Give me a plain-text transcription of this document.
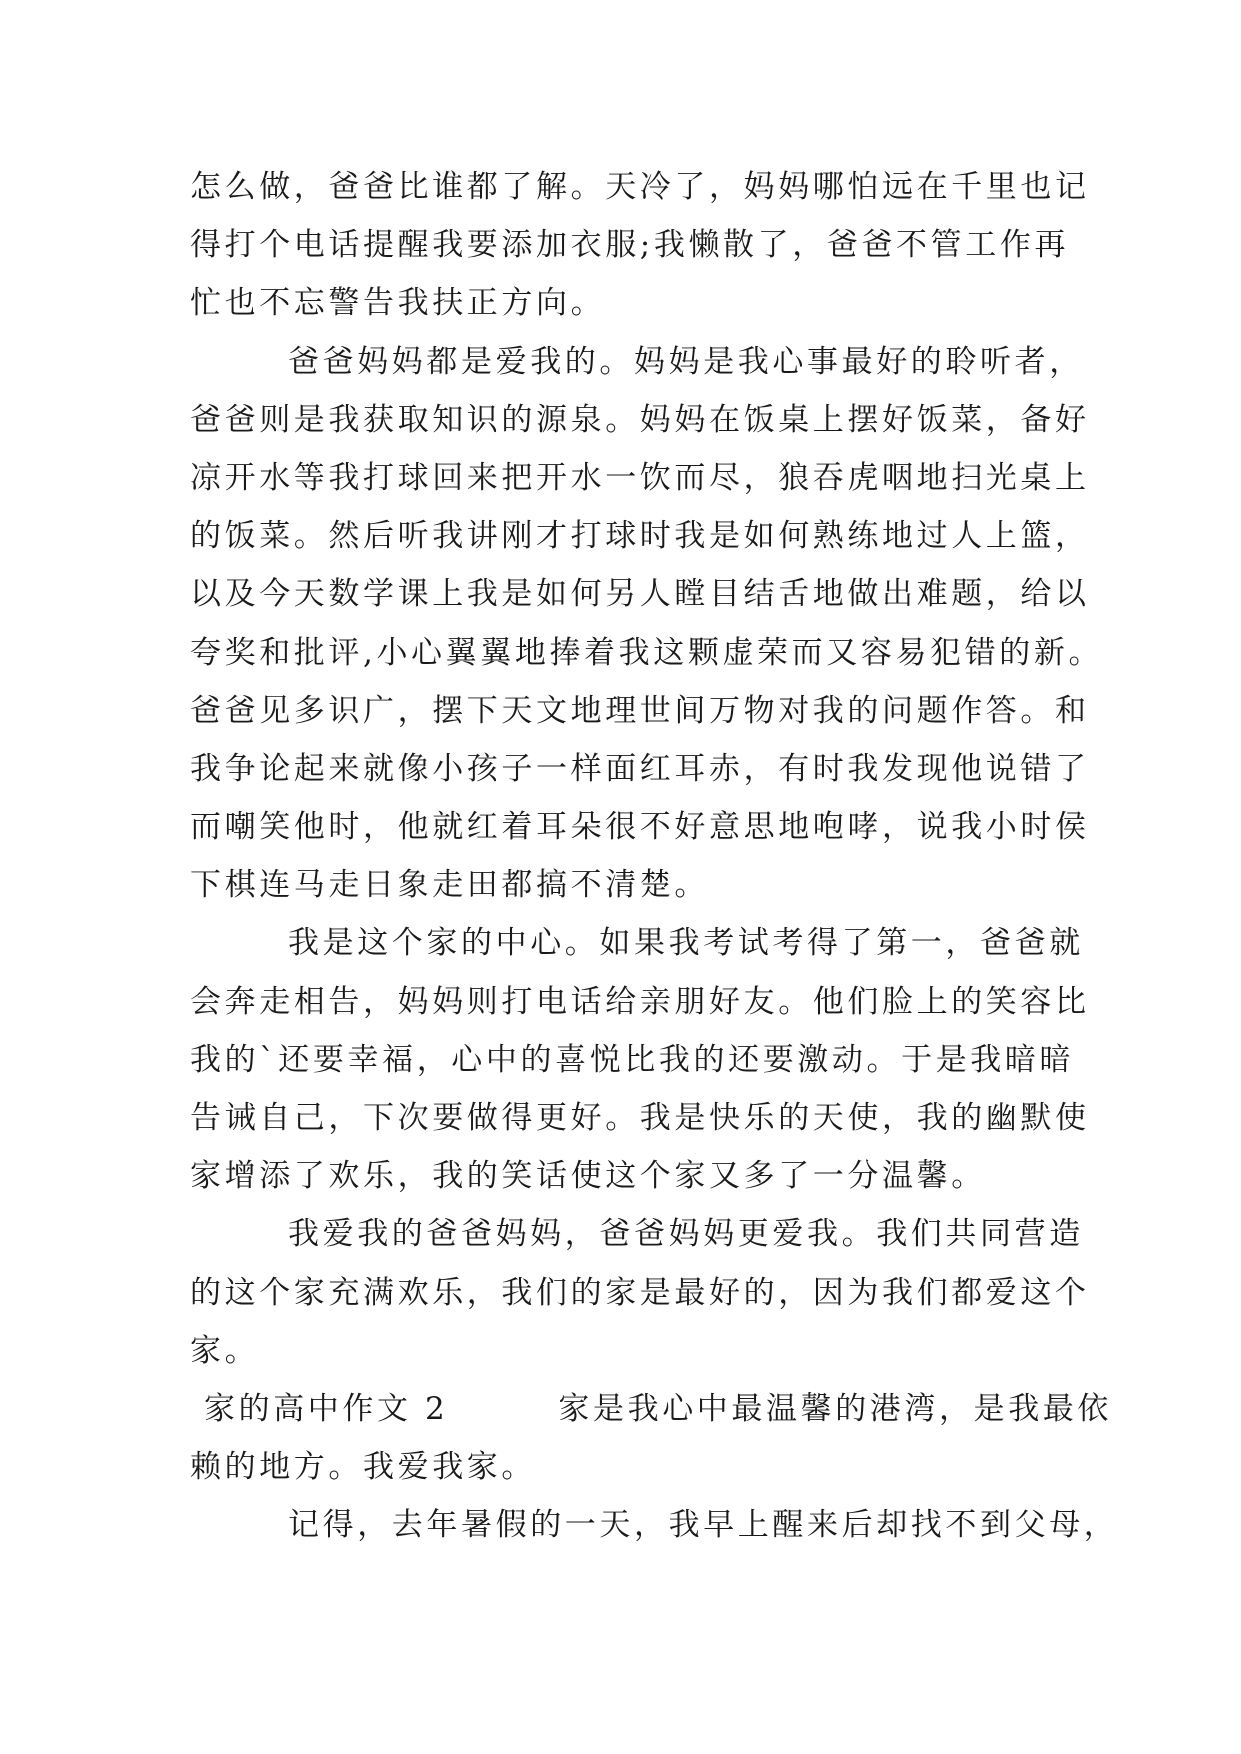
怎么做，爸爸比谁都了解。天冷了，妈妈哪怕远在千里也记
得打个电话提醒我要添加衣服;我懒散了，爸爸不管工作再
忙也不忘警告我扶正方向。
爸爸妈妈都是爱我的。妈妈是我心事最好的聆听者，
爸爸则是我获取知识的源泉。妈妈在饭桌上摆好饭菜，备好
凉开水等我打球回来把开水一饮而尽，狼吞虎咽地扫光桌上
的饭菜。然后听我讲刚才打球时我是如何熟练地过人上篮，
以及今天数学课上我是如何另人瞠目结舌地做出难题，给以
夸奖和批评,小心翼翼地捧着我这颗虚荣而又容易犯错的新。
爸爸见多识广，摆下天文地理世间万物对我的问题作答。和
我争论起来就像小孩子一样面红耳赤，有时我发现他说错了
而嘲笑他时，他就红着耳朵很不好意思地咆哮，说我小时侯
下棋连马走日象走田都搞不清楚。
我是这个家的中心。如果我考试考得了第一，爸爸就
会奔走相告，妈妈则打电话给亲朋好友。他们脸上的笑容比
我的`还要幸福，心中的喜悦比我的还要激动。于是我暗暗
告诫自己，下次要做得更好。我是快乐的天使，我的幽默使
家增添了欢乐，我的笑话使这个家又多了一分温馨。
我爱我的爸爸妈妈，爸爸妈妈更爱我。我们共同营造
的这个家充满欢乐，我们的家是最好的，因为我们都爱这个
家。
家的高中作文 2	家是我心中最温馨的港湾，是我最依
赖的地方。我爱我家。
记得，去年暑假的一天，我早上醒来后却找不到父母，
